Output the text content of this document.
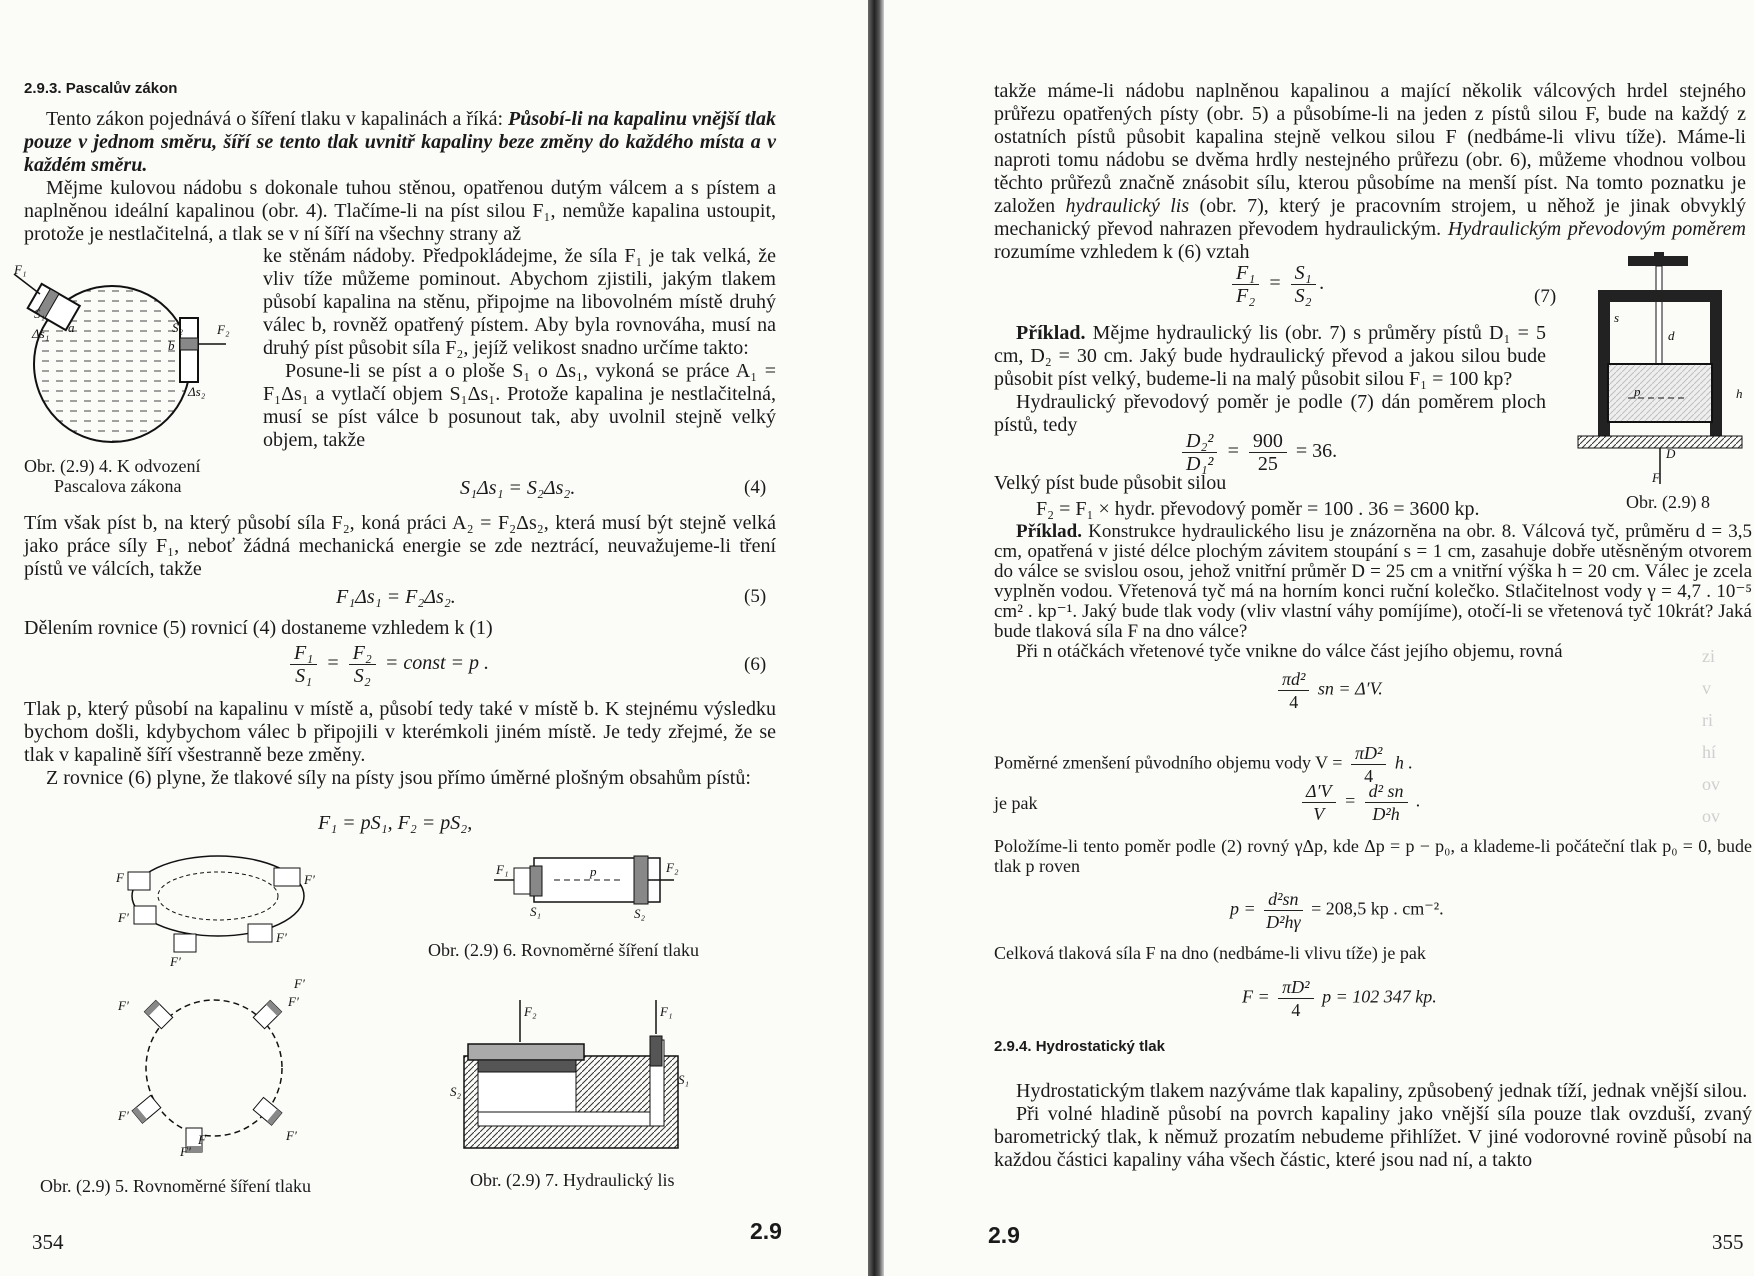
2.9.3. Pascalův zákon

Tento zákon pojednává o šíření tlaku v kapalinách a říká: Působí-li na kapalinu vnější tlak pouze v jednom směru, šíří se tento tlak uvnitř kapaliny beze změny do každého místa a v každém směru.

Mějme kulovou nádobu s dokonale tuhou stěnou, opatřenou dutým válcem a s pístem a naplněnou ideální kapalinou (obr. 4). Tlačíme-li na píst silou F₁, nemůže kapalina ustoupit, protože je nestlačitelná, a tlak se v ní šíří na všechny strany až

F₁
S₁
Δs₁ a	F₂
S₂
b
Δs₂
Obr. (2.9) 4. K odvození
Pascalova zákona

ke stěnám nádoby. Předpokládejme, že síla F₁ je tak velká, že vliv tíže můžeme pominout. Abychom zjistili, jakým tlakem působí kapalina na stěnu, připojme na libovolném místě druhý válec b, rovněž opatřený pístem. Aby byla rovnováha, musí na druhý píst působit síla F₂, jejíž velikost snadno určíme takto:

Posune-li se píst a o ploše S₁ o Δs₁, vykoná se práce A₁ = F₁Δs₁ a vytlačí objem S₁Δs₁. Protože kapalina je nestlačitelná, musí se píst válce b posunout tak, aby uvolnil stejně velký objem, takže

S₁Δs₁ = S₂Δs₂.	(4)
Tím však píst b, na který působí síla F₂, koná práci A₂ = F₂Δs₂, která musí být stejně velká jako práce síly F₁, neboť žádná mechanická energie se zde neztrácí, neuvažujeme-li tření pístů ve válcích, takže
F₁Δs₁ = F₂Δs₂.	(5)
Dělením rovnice (5) rovnicí (4) dostaneme vzhledem k (1)
$\frac{\text{F₁}}{\text{S₁}} = \frac{\text{F₂}}{\text{S₂}}$ = const = p .	(6)

Tlak p, který působí na kapalinu v místě a, působí tedy také v místě b. K stejnému výsledku bychom došli, kdybychom válec b připojili v kterémkoli jiném místě. Je tedy zřejmé, že se tlak v kapalině šíří všestranně beze změny.

Z rovnice (6) plyne, že tlakové síly na písty jsou přímo úměrné plošným obsahům pístů:

F₁ = pS₁, F₂ = pS₂,
F	F′
F′
F′
F′
F₁	F₂
S₁	S₂
p
Obr. (2.9) 6. Rovnoměrné šíření tlaku
F′
F′
F′
F′
F′
F
F′
Obr. (2.9) 5. Rovnoměrné šíření tlaku
F₂	F₁
S₂
S₁
Obr. (2.9) 7. Hydraulický lis
354	2.9
zi
v
ri
hí
ov
ov
takže máme-li nádobu naplněnou kapalinou a mající několik válcových hrdel stejného průřezu opatřených písty (obr. 5) a působíme-li na jeden z pístů silou F, bude na každý z ostatních pístů působit kapalina stejně velkou silou F (nedbáme-li vlivu tíže). Máme-li naproti tomu nádobu se dvěma hrdly nestejného průřezu (obr. 6), můžeme vhodnou volbou těchto průřezů značně znásobit sílu, kterou působíme na menší píst. Na tomto poznatku je založen hydraulický lis (obr. 7), který je pracovním strojem, u něhož je jinak obvyklý mechanický převod nahrazen převodem hydraulickým. Hydraulickým převodovým poměrem rozumíme vzhledem k (6) vztah
$\frac{\text{F₁}}{\text{F₂}} = \frac{\text{S₁}}{\text{S₂}}$ .
(7)

Příklad. Mějme hydraulický lis (obr. 7) s průměry pístů D₁ = 5 cm, D₂ = 30 cm. Jaký bude hydraulický převod a jakou silou bude působit píst velký, budeme-li na malý působit silou F₁ = 100 kp?

Hydraulický převodový poměr je podle (7) dán poměrem ploch pístů, tedy

$\frac{\text{D₂²}}{\text{D₁²}} = \frac{900}{25} = 36$.
Velký píst bude působit silou
F₂ = F₁ × hydr. převodový poměr = 100 . 36 = 3600 kp.
s
d
p	h
D
F
Obr. (2.9) 8

Příklad. Konstrukce hydraulického lisu je znázorněna na obr. 8. Válcová tyč, průměru d = 3,5 cm, opatřená v jisté délce plochým závitem stoupání s = 1 cm, zasahuje dobře utěsněným otvorem do válce se svislou osou, jehož vnitřní průměr D = 25 cm a vnitřní výška h = 20 cm. Válec je zcela vyplněn vodou. Vřetenová tyč má na horním konci ruční kolečko. Stlačitelnost vody γ = 4,7 . 10⁻⁵ cm² . kp⁻¹. Jaký bude tlak vody (vliv vlastní váhy pomíjíme), otočí-li se vřetenová tyč 10krát? Jaká bude tlaková síla F na dno válce?

Při n otáčkách vřetenové tyče vnikne do válce část jejího objemu, rovná

$\frac{\text{πd²}}{4}$ sn = Δ′V.
Poměrné zmenšení původního objemu vody $V = \frac{\text{πD²}}{4}$ h .
je pak	$\frac{\Delta'V}{V} = \frac{\text{d² sn}}{\text{D²h}}$ .
Položíme-li tento poměr podle (2) rovný γΔp, kde Δp = p − p₀, a klademe-li počáteční tlak p₀ = 0, bude tlak p roven
$p = \frac{\text{d²sn}}{\text{D²hγ}} = 208,5$ kp . cm⁻².
Celková tlaková síla F na dno (nedbáme-li vlivu tíže) je pak
$F = \frac{\text{πD²}}{4}$ p = 102 347 kp.
2.9.4. Hydrostatický tlak

Hydrostatickým tlakem nazýváme tlak kapaliny, způsobený jednak tíží, jednak vnější silou.

Při volné hladině působí na povrch kapaliny jako vnější síla pouze tlak ovzduší, zvaný barometrický tlak, k němuž prozatím nebudeme přihlížet. V jiné vodorovné rovině působí na každou částici kapaliny váha všech částic, které jsou nad ní, a takto

2.9	355
